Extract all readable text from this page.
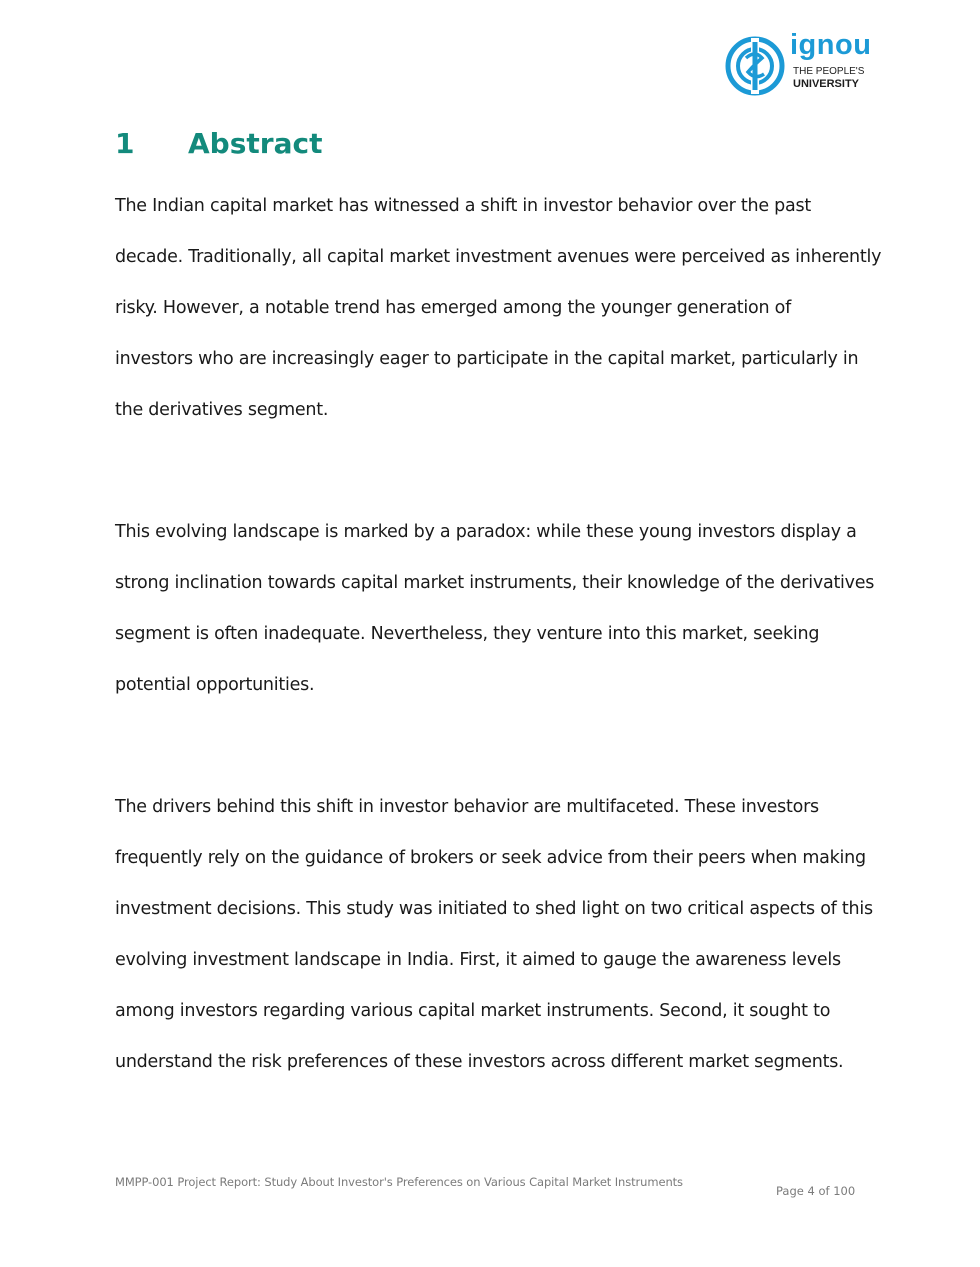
ignou
THE PEOPLE'S
UNIVERSITY
1 Abstract

The Indian capital market has witnessed a shift in investor behavior over the past
decade. Traditionally, all capital market investment avenues were perceived as inherently
risky. However, a notable trend has emerged among the younger generation of
investors who are increasingly eager to participate in the capital market, particularly in
the derivatives segment.

This evolving landscape is marked by a paradox: while these young investors display a
strong inclination towards capital market instruments, their knowledge of the derivatives
segment is often inadequate. Nevertheless, they venture into this market, seeking
potential opportunities.

The drivers behind this shift in investor behavior are multifaceted. These investors
frequently rely on the guidance of brokers or seek advice from their peers when making
investment decisions. This study was initiated to shed light on two critical aspects of this
evolving investment landscape in India. First, it aimed to gauge the awareness levels
among investors regarding various capital market instruments. Second, it sought to
understand the risk preferences of these investors across different market segments.

MMPP-001 Project Report: Study About Investor's Preferences on Various Capital Market Instruments
Page 4 of 100
